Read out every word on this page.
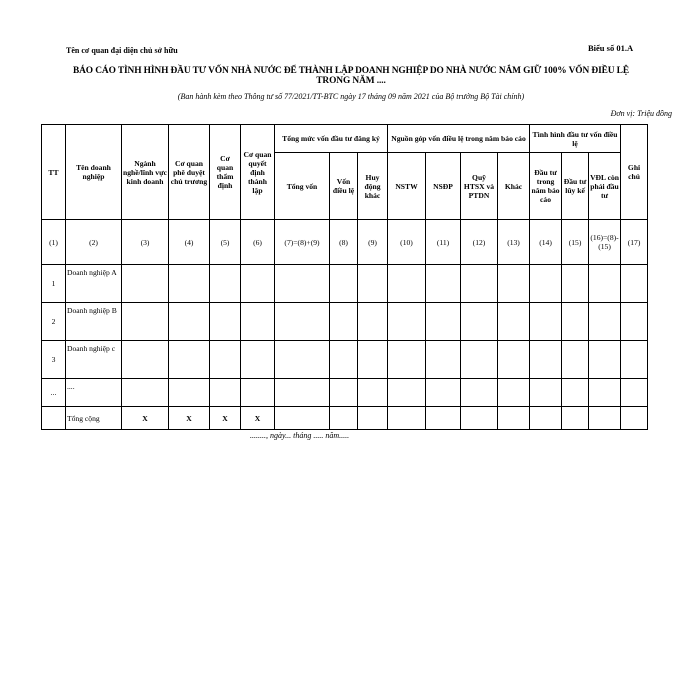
Tên cơ quan đại diện chủ sở hữu	Biểu số 01.A
BÁO CÁO TÌNH HÌNH ĐẦU TƯ VỐN NHÀ NƯỚC ĐỂ THÀNH LẬP DOANH NGHIỆP DO NHÀ NƯỚC NẮM GIỮ 100% VỐN ĐIỀU LỆ
TRONG NĂM ....
(Ban hành kèm theo Thông tư số 77/2021/TT-BTC ngày 17 tháng 09 năm 2021 của Bộ trưởng Bộ Tài chính)
Đơn vị: Triệu đồng
TT	Tên doanh nghiệp	Ngành nghề/lĩnh vực kinh doanh	Cơ quan phê duyệt chủ trương	Cơ quan thẩm định	Cơ quan quyết định thành lập	Tổng mức vốn đầu tư đăng ký			Nguồn góp vốn điều lệ trong năm báo cáo				Tình hình đầu tư vốn điều lệ			Ghi chú
						Tổng vốn	Vốn điều lệ	Huy động khác	NSTW	NSĐP	Quỹ HTSX và PTDN	Khác	Đầu tư trong năm báo cáo	Đầu tư lũy kế	VĐL còn phải đầu tư	
(1)	(2)	(3)	(4)	(5)	(6)	(7)=(8)+(9)	(8)	(9)	(10)	(11)	(12)	(13)	(14)	(15)	(16)=(8)-(15)	(17)
1	Doanh nghiệp A															
2	Doanh nghiệp B															
3	Doanh nghiệp c															
...	....															
	Tổng cộng	X	X	X	X											
........, ngày... tháng ..... năm.....
